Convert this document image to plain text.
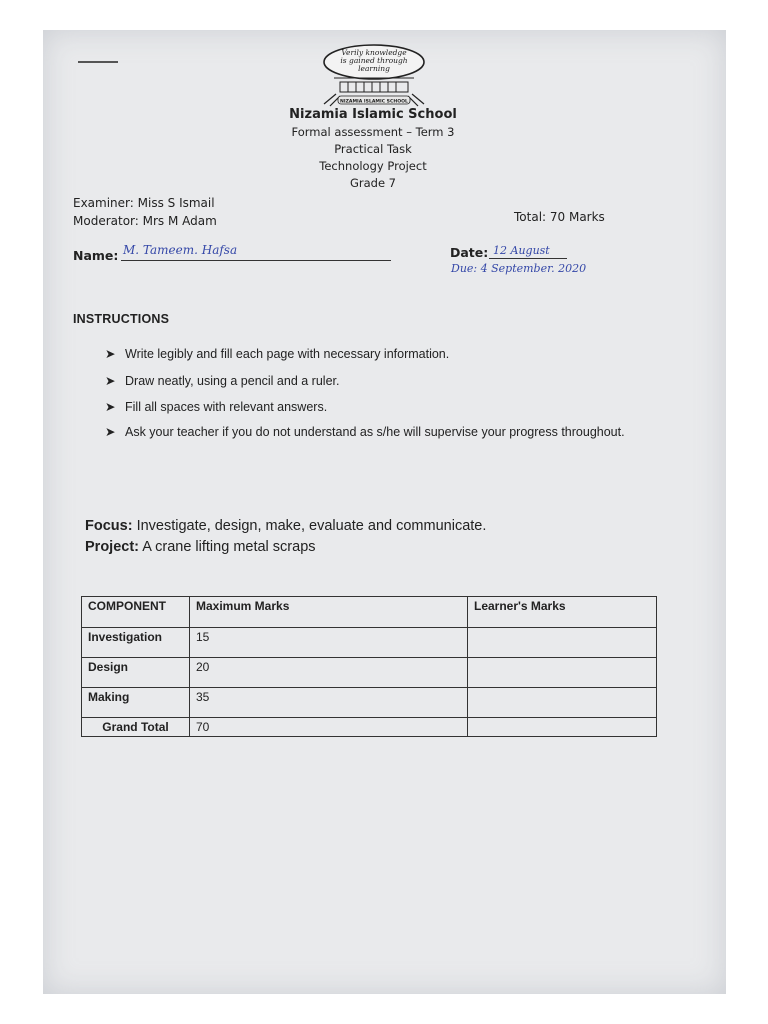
Verily knowledge
is gained through
learning
NIZAMIA ISLAMIC SCHOOL
Nizamia Islamic School
Formal assessment – Term 3
Practical Task
Technology Project
Grade 7
Examiner: Miss S Ismail
Moderator: Mrs M Adam	Total: 70 Marks
Name: M. Tameem. Hafsa	Date: 12 August
Due: 4 September. 2020
INSTRUCTIONS
➤ Write legibly and fill each page with necessary information.
➤ Draw neatly, using a pencil and a ruler.
➤ Fill all spaces with relevant answers.
➤ Ask your teacher if you do not understand as s/he will supervise your progress throughout.
Focus: Investigate, design, make, evaluate and communicate.
Project: A crane lifting metal scraps
COMPONENT	Maximum Marks	Learner's Marks
Investigation	15	
Design	20	
Making	35	
Grand Total	70	
